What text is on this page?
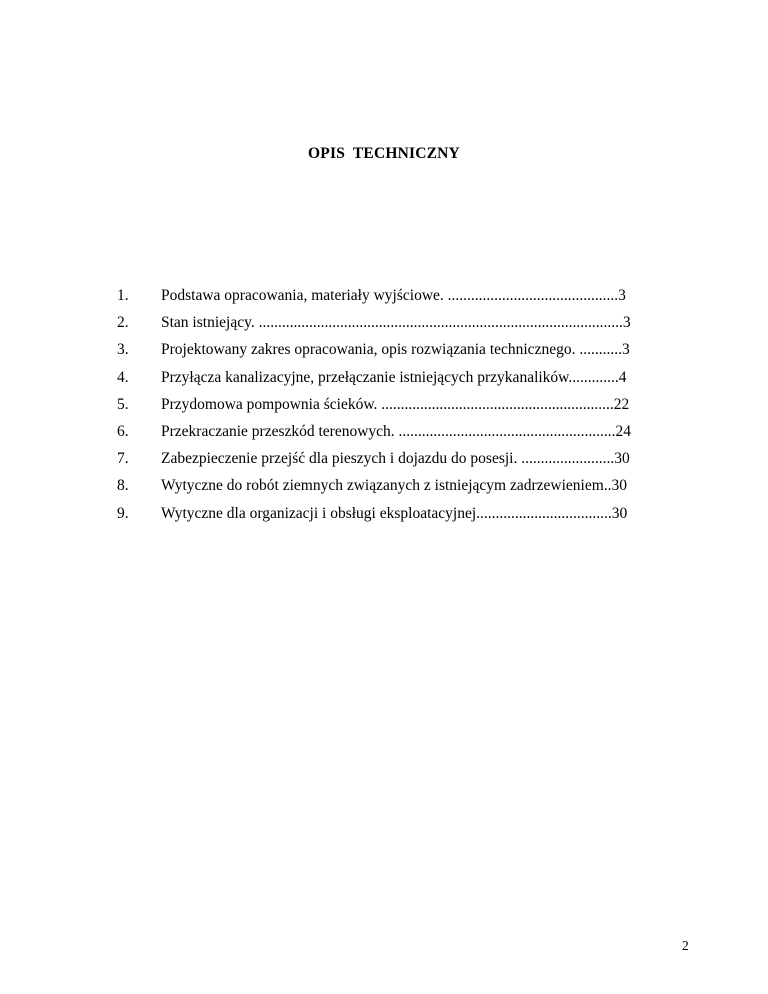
OPIS  TECHNICZNY
1. Podstawa opracowania, materiały wyjściowe. ............................................3
2. Stan istniejący. ..............................................................................................3
3. Projektowany zakres opracowania, opis rozwiązania technicznego. ...........3
4. Przyłącza kanalizacyjne, przełączanie istniejących przykanalików.............4
5. Przydomowa pompownia ścieków. ............................................................22
6. Przekraczanie przeszkód terenowych. ........................................................24
7. Zabezpieczenie przejść dla pieszych i dojazdu do posesji. ........................30
8. Wytyczne do robót ziemnych związanych z istniejącym zadrzewieniem..30
9. Wytyczne dla organizacji i obsługi eksploatacyjnej...................................30
2
